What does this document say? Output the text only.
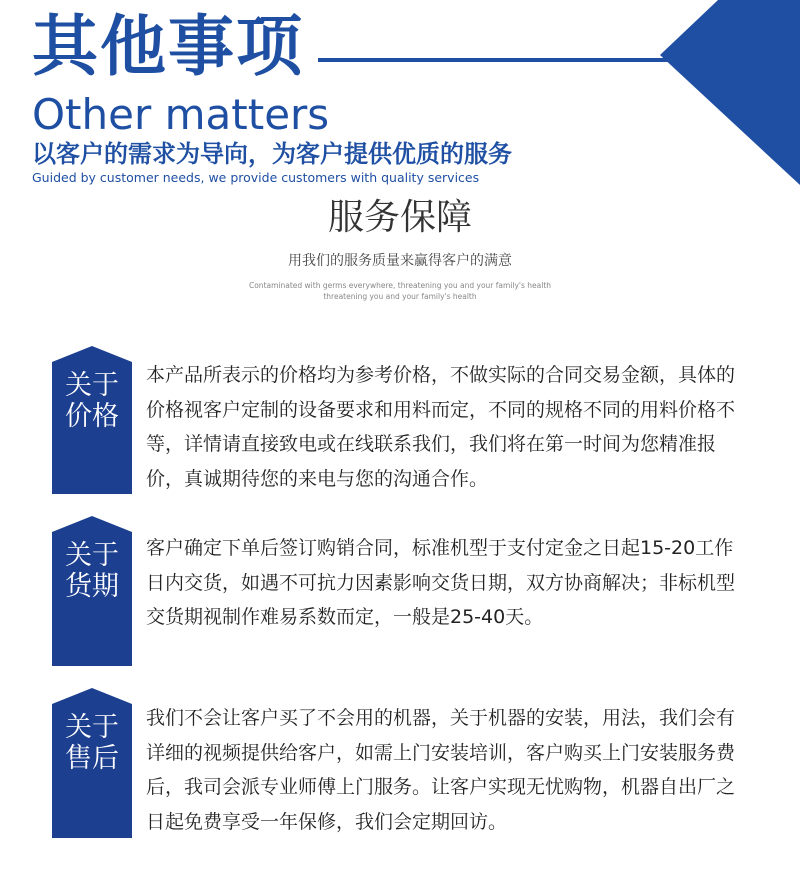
其他事项
Other matters
以客户的需求为导向，为客户提供优质的服务
Guided by customer needs, we provide customers with quality services
服务保障
用我们的服务质量来赢得客户的满意
Contaminated with germs everywhere, threatening you and your family's health
threatening you and your family's health
关于
价格
本产品所表示的价格均为参考价格，不做实际的合同交易金额，具体的价格视客户定制的设备要求和用料而定，不同的规格不同的用料价格不等，详情请直接致电或在线联系我们，我们将在第一时间为您精准报价，真诚期待您的来电与您的沟通合作。
关于
货期
客户确定下单后签订购销合同，标准机型于支付定金之日起15-20工作日内交货，如遇不可抗力因素影响交货日期，双方协商解决；非标机型交货期视制作难易系数而定，一般是25-40天。
关于
售后
我们不会让客户买了不会用的机器，关于机器的安装，用法，我们会有详细的视频提供给客户，如需上门安装培训，客户购买上门安装服务费后，我司会派专业师傅上门服务。让客户实现无忧购物，机器自出厂之日起免费享受一年保修，我们会定期回访。
